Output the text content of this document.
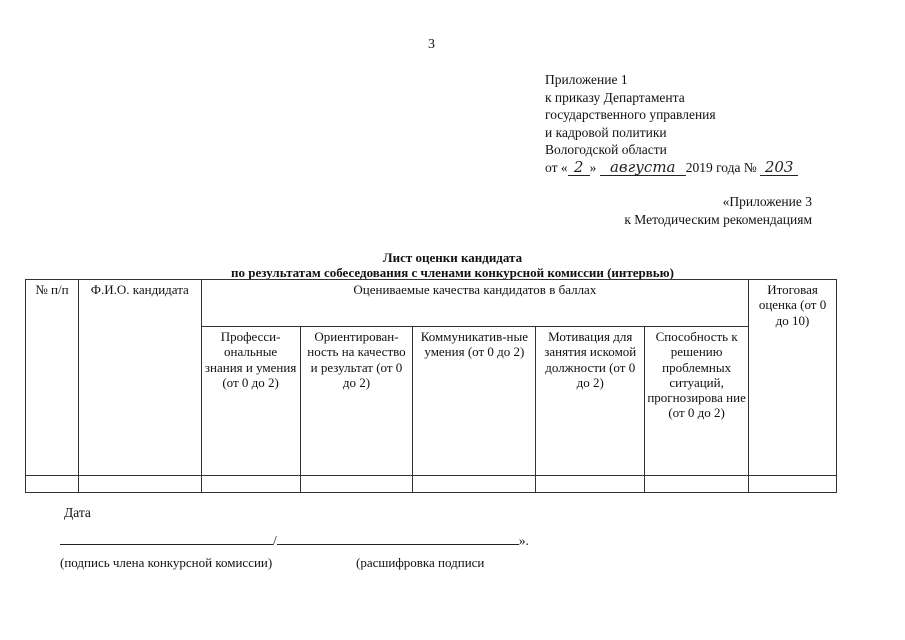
3
Приложение 1
к приказу Департамента
государственного управления
и кадровой политики
Вологодской области
от « 2 » августа 2019 года № 203
«Приложение 3
к Методическим рекомендациям
Лист оценки кандидата
по результатам собеседования с членами конкурсной комиссии (интервью)
№ п/п	Ф.И.О. кандидата	Оцениваемые качества кандидатов в баллах					Итоговая оценка (от 0 до 10)
		Професси-ональные знания и умения (от 0 до 2)	Ориентирован-ность на качество и результат (от 0 до 2)	Коммуникатив-ные умения (от 0 до 2)	Мотивация для занятия искомой должности (от 0 до 2)	Способность к решению проблемных ситуаций, прогнозирова ние (от 0 до 2)	

Дата
/	».
(подпись члена конкурсной комиссии)	(расшифровка подписи
